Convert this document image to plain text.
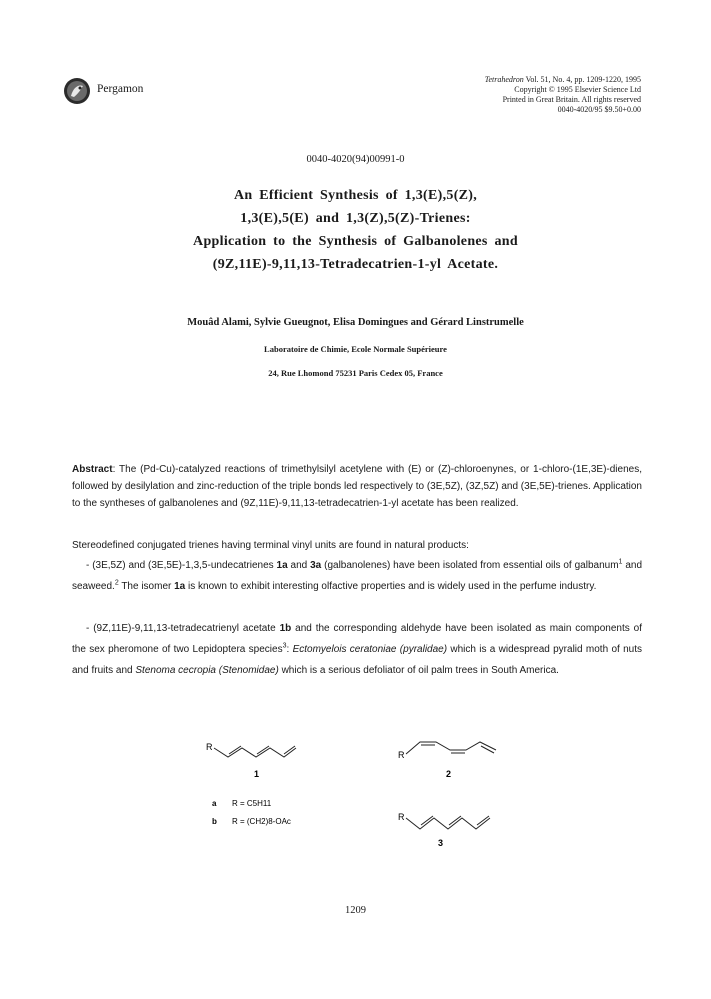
Pergamon
Tetrahedron Vol. 51, No. 4, pp. 1209-1220, 1995
Copyright © 1995 Elsevier Science Ltd
Printed in Great Britain. All rights reserved
0040-4020/95 $9.50+0.00
0040-4020(94)00991-0
An Efficient Synthesis of 1,3(E),5(Z),
1,3(E),5(E) and 1,3(Z),5(Z)-Trienes:
Application to the Synthesis of Galbanolenes and
(9Z,11E)-9,11,13-Tetradecatrien-1-yl Acetate.
Mouâd Alami, Sylvie Gueugnot, Elisa Domingues and Gérard Linstrumelle
Laboratoire de Chimie, Ecole Normale Supérieure
24, Rue Lhomond 75231 Paris Cedex 05, France
Abstract: The (Pd-Cu)-catalyzed reactions of trimethylsilyl acetylene with (E) or (Z)-chloroenynes, or 1-chloro-(1E,3E)-dienes, followed by desilylation and zinc-reduction of the triple bonds led respectively to (3E,5Z), (3Z,5Z) and (3E,5E)-trienes. Application to the syntheses of galbanolenes and (9Z,11E)-9,11,13-tetradecatrien-1-yl acetate has been realized.
Stereodefined conjugated trienes having terminal vinyl units are found in natural products:
- (3E,5Z) and (3E,5E)-1,3,5-undecatrienes 1a and 3a (galbanolenes) have been isolated from essential oils of galbanum$^1$ and seaweed.$^2$ The isomer 1a is known to exhibit interesting olfactive properties and is widely used in the perfume industry.
- (9Z,11E)-9,11,13-tetradecatrienyl acetate 1b and the corresponding aldehyde have been isolated as main components of the sex pheromone of two Lepidoptera species$^3$: Ectomyelois ceratoniae (pyralidae) which is a widespread pyralid moth of nuts and fruits and Stenoma cecropia (Stenomidae) which is a serious defoliator of oil palm trees in South America.
R
1
R
2
R
3
a R = C5H11
b R = (CH2)8-OAc
1209
